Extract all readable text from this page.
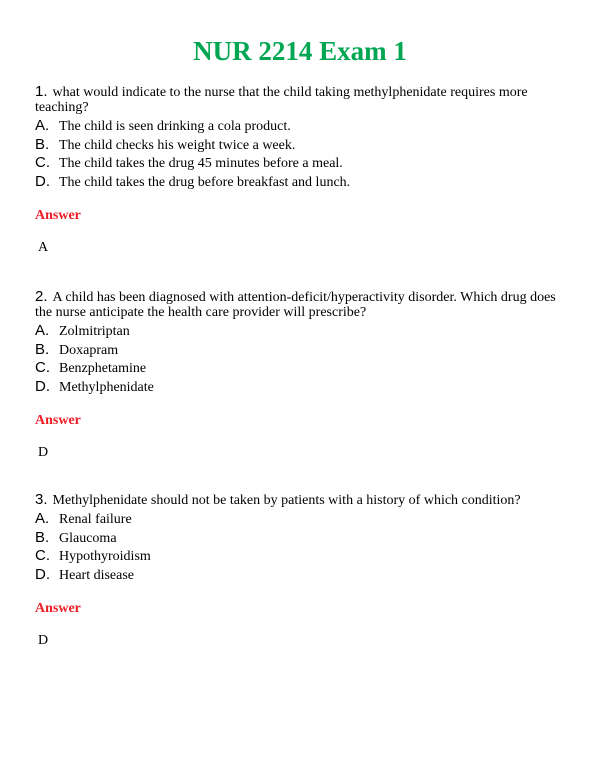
NUR 2214 Exam 1
1. what would indicate to the nurse that the child taking methylphenidate requires more teaching?
A. The child is seen drinking a cola product.
B. The child checks his weight twice a week.
C. The child takes the drug 45 minutes before a meal.
D. The child takes the drug before breakfast and lunch.
Answer
A
2. A child has been diagnosed with attention-deficit/hyperactivity disorder. Which drug does the nurse anticipate the health care provider will prescribe?
A. Zolmitriptan
B. Doxapram
C. Benzphetamine
D. Methylphenidate
Answer
D
3. Methylphenidate should not be taken by patients with a history of which condition?
A. Renal failure
B. Glaucoma
C. Hypothyroidism
D. Heart disease
Answer
D
